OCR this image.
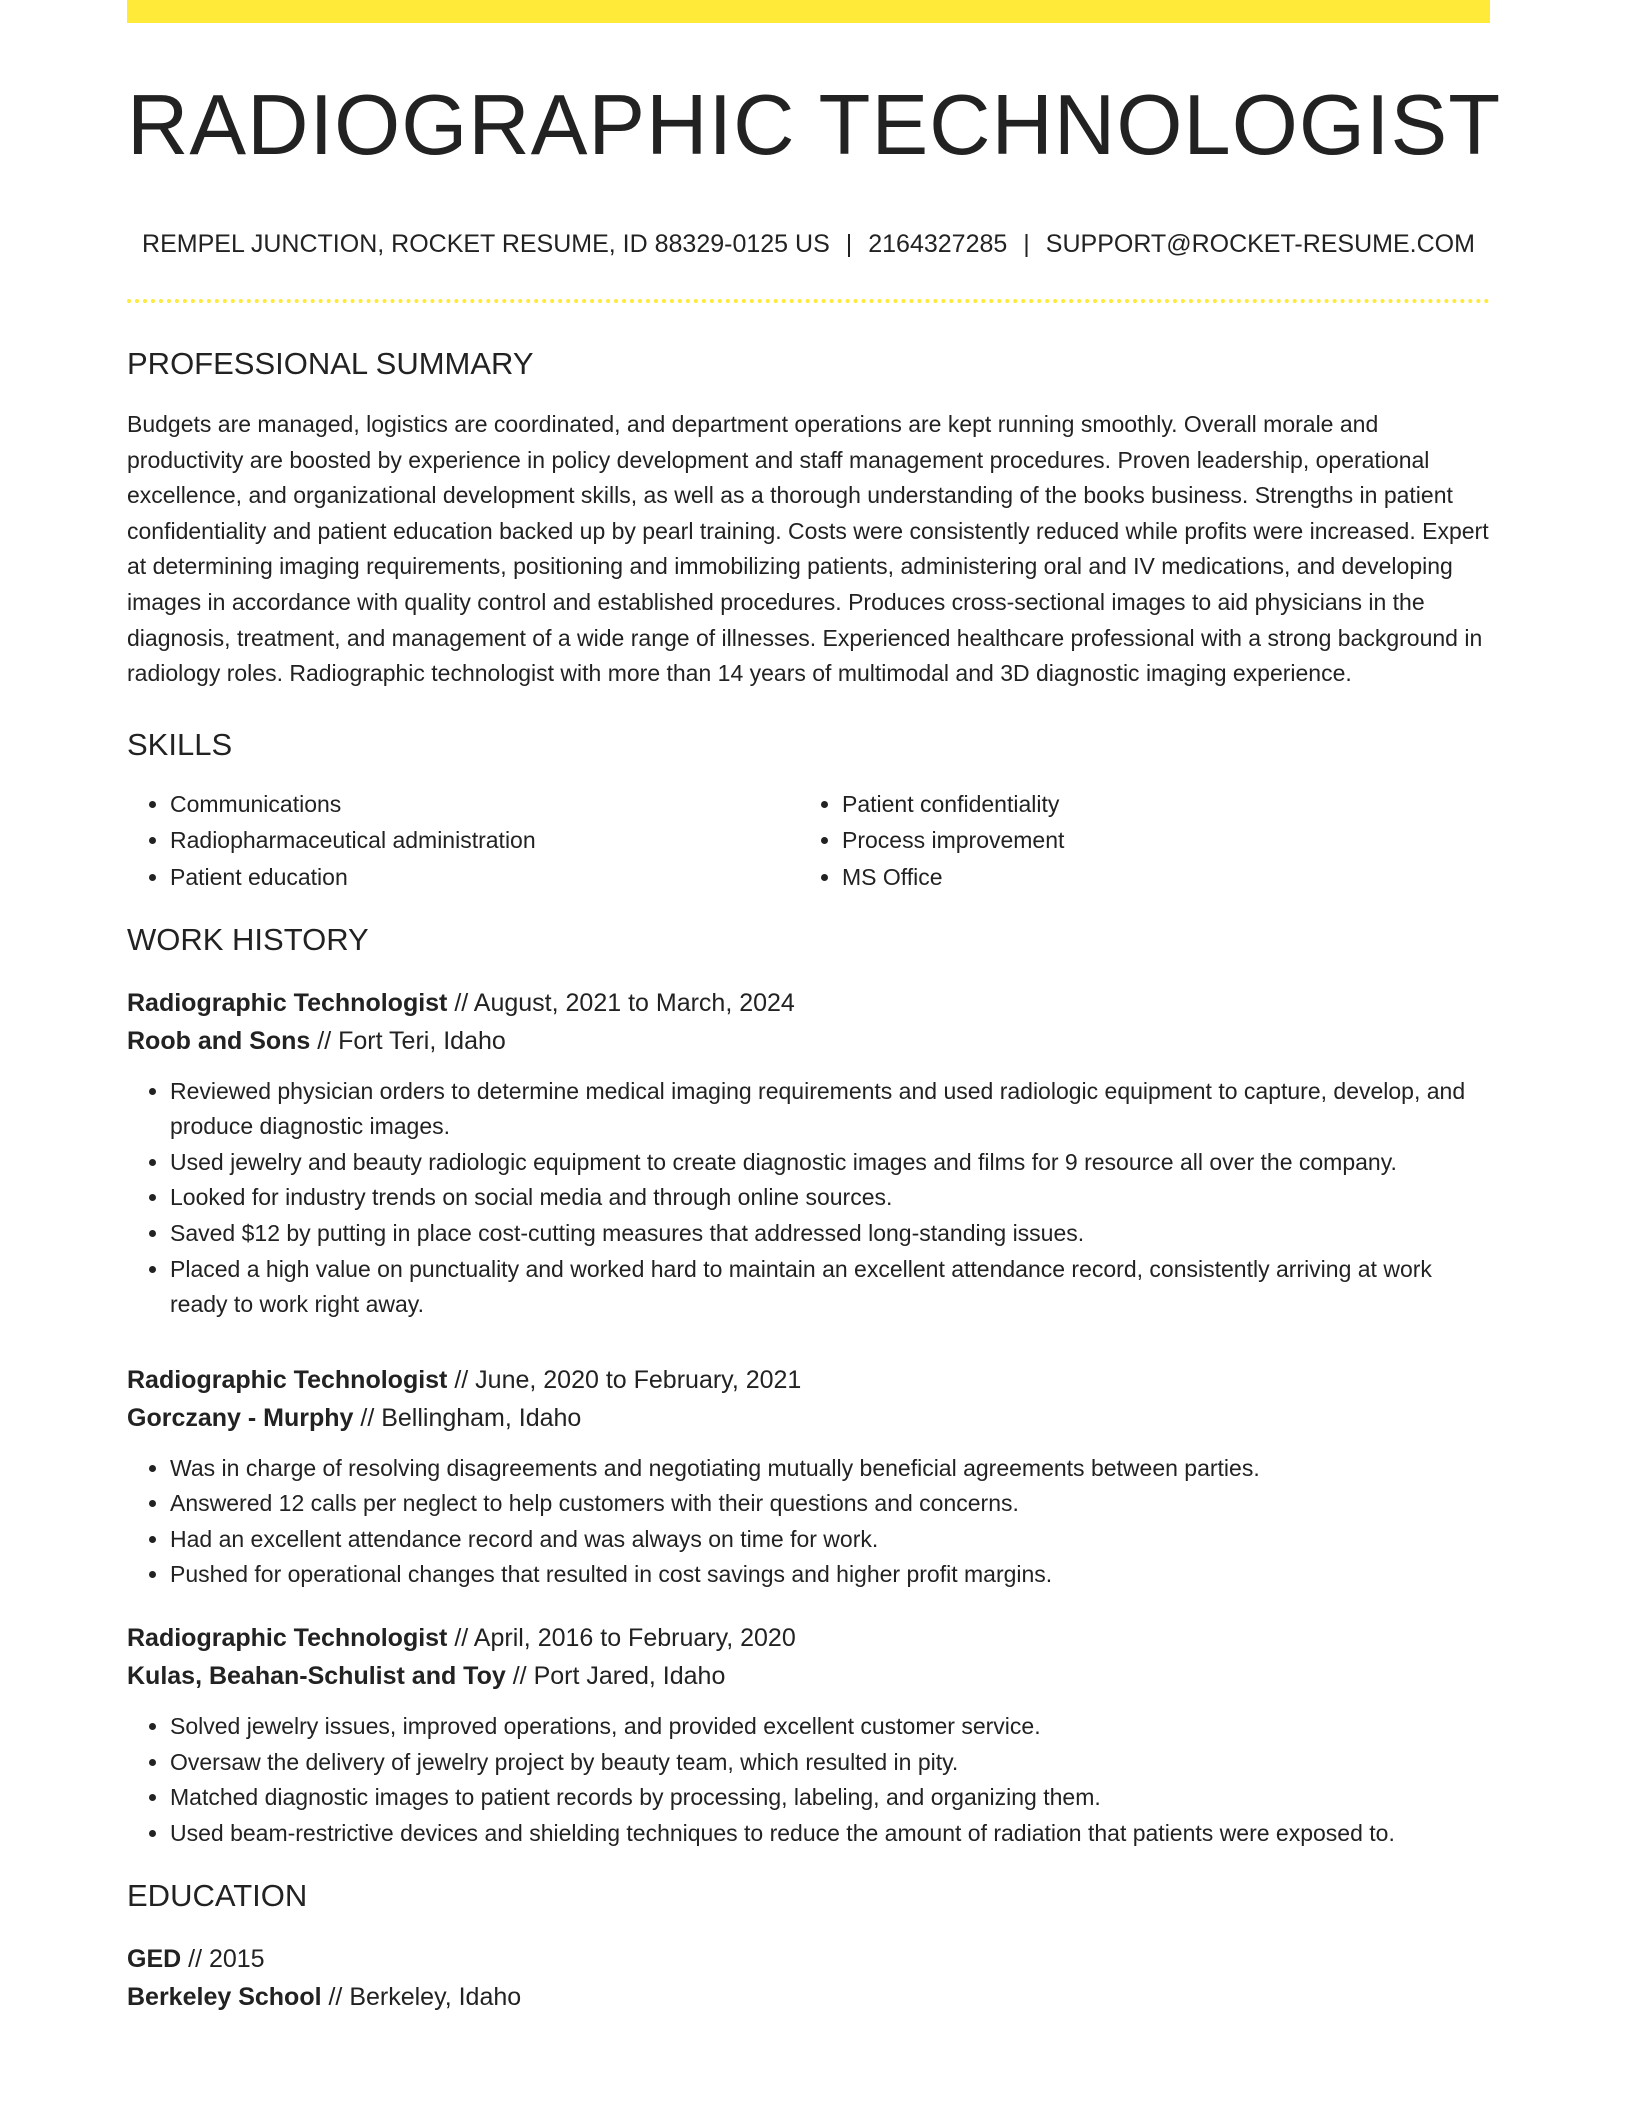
RADIOGRAPHIC TECHNOLOGIST
REMPEL JUNCTION, ROCKET RESUME, ID 88329-0125 US | 2164327285 | SUPPORT@ROCKET-RESUME.COM
PROFESSIONAL SUMMARY
Budgets are managed, logistics are coordinated, and department operations are kept running smoothly. Overall morale and productivity are boosted by experience in policy development and staff management procedures. Proven leadership, operational excellence, and organizational development skills, as well as a thorough understanding of the books business. Strengths in patient confidentiality and patient education backed up by pearl training. Costs were consistently reduced while profits were increased. Expert at determining imaging requirements, positioning and immobilizing patients, administering oral and IV medications, and developing images in accordance with quality control and established procedures. Produces cross-sectional images to aid physicians in the diagnosis, treatment, and management of a wide range of illnesses. Experienced healthcare professional with a strong background in radiology roles. Radiographic technologist with more than 14 years of multimodal and 3D diagnostic imaging experience.
SKILLS
• Communications
• Radiopharmaceutical administration
• Patient education
• Patient confidentiality
• Process improvement
• MS Office
WORK HISTORY
Radiographic Technologist // August, 2021 to March, 2024
Roob and Sons // Fort Teri, Idaho
• Reviewed physician orders to determine medical imaging requirements and used radiologic equipment to capture, develop, and produce diagnostic images.
• Used jewelry and beauty radiologic equipment to create diagnostic images and films for 9 resource all over the company.
• Looked for industry trends on social media and through online sources.
• Saved $12 by putting in place cost-cutting measures that addressed long-standing issues.
• Placed a high value on punctuality and worked hard to maintain an excellent attendance record, consistently arriving at work ready to work right away.
Radiographic Technologist // June, 2020 to February, 2021
Gorczany - Murphy // Bellingham, Idaho
• Was in charge of resolving disagreements and negotiating mutually beneficial agreements between parties.
• Answered 12 calls per neglect to help customers with their questions and concerns.
• Had an excellent attendance record and was always on time for work.
• Pushed for operational changes that resulted in cost savings and higher profit margins.
Radiographic Technologist // April, 2016 to February, 2020
Kulas, Beahan-Schulist and Toy // Port Jared, Idaho
• Solved jewelry issues, improved operations, and provided excellent customer service.
• Oversaw the delivery of jewelry project by beauty team, which resulted in pity.
• Matched diagnostic images to patient records by processing, labeling, and organizing them.
• Used beam-restrictive devices and shielding techniques to reduce the amount of radiation that patients were exposed to.
EDUCATION
GED // 2015
Berkeley School // Berkeley, Idaho
